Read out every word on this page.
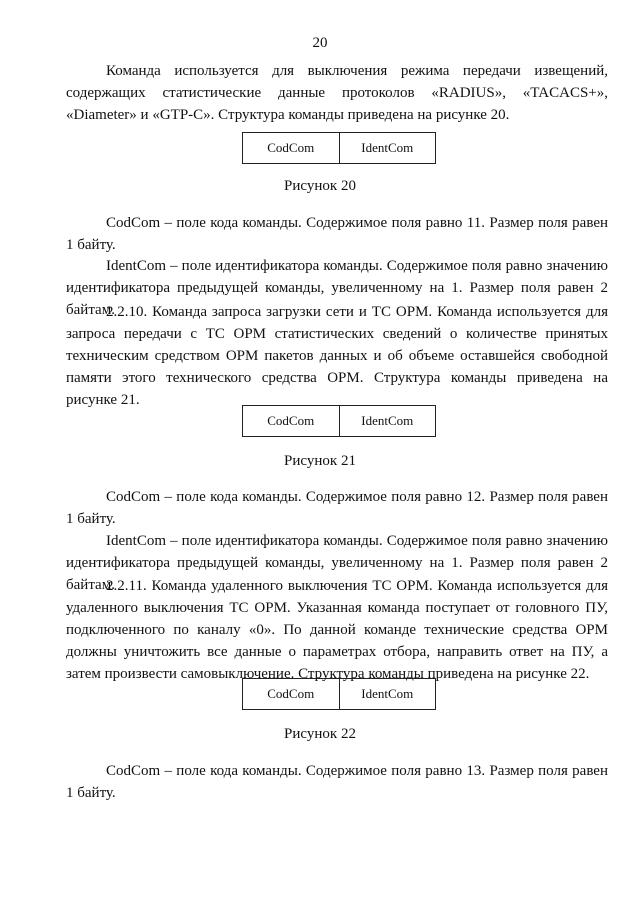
20

Команда используется для выключения режима передачи извещений, содержащих статистические данные протоколов «RADIUS», «TACACS+», «Diameter» и «GTP-C». Структура команды приведена на рисунке 20.

CodCom	IdentCom
Рисунок 20

CodCom – поле кода команды. Содержимое поля равно 11. Размер поля равен 1 байту.

IdentCom – поле идентификатора команды. Содержимое поля равно значению идентификатора предыдущей команды, увеличенному на 1. Размер поля равен 2 байтам.

2.2.10. Команда запроса загрузки сети и ТС ОРМ. Команда используется для запроса передачи с ТС ОРМ статистических сведений о количестве принятых техническим средством ОРМ пакетов данных и об объеме оставшейся свободной памяти этого технического средства ОРМ. Структура команды приведена на рисунке 21.

CodCom	IdentCom
Рисунок 21

CodCom – поле кода команды. Содержимое поля равно 12. Размер поля равен 1 байту.

IdentCom – поле идентификатора команды. Содержимое поля равно значению идентификатора предыдущей команды, увеличенному на 1. Размер поля равен 2 байтам.

2.2.11. Команда удаленного выключения ТС ОРМ. Команда используется для удаленного выключения ТС ОРМ. Указанная команда поступает от головного ПУ, подключенного по каналу «0». По данной команде технические средства ОРМ должны уничтожить все данные о параметрах отбора, направить ответ на ПУ, а затем произвести самовыключение. Структура команды приведена на рисунке 22.

CodCom	IdentCom
Рисунок 22

CodCom – поле кода команды. Содержимое поля равно 13. Размер поля равен 1 байту.
